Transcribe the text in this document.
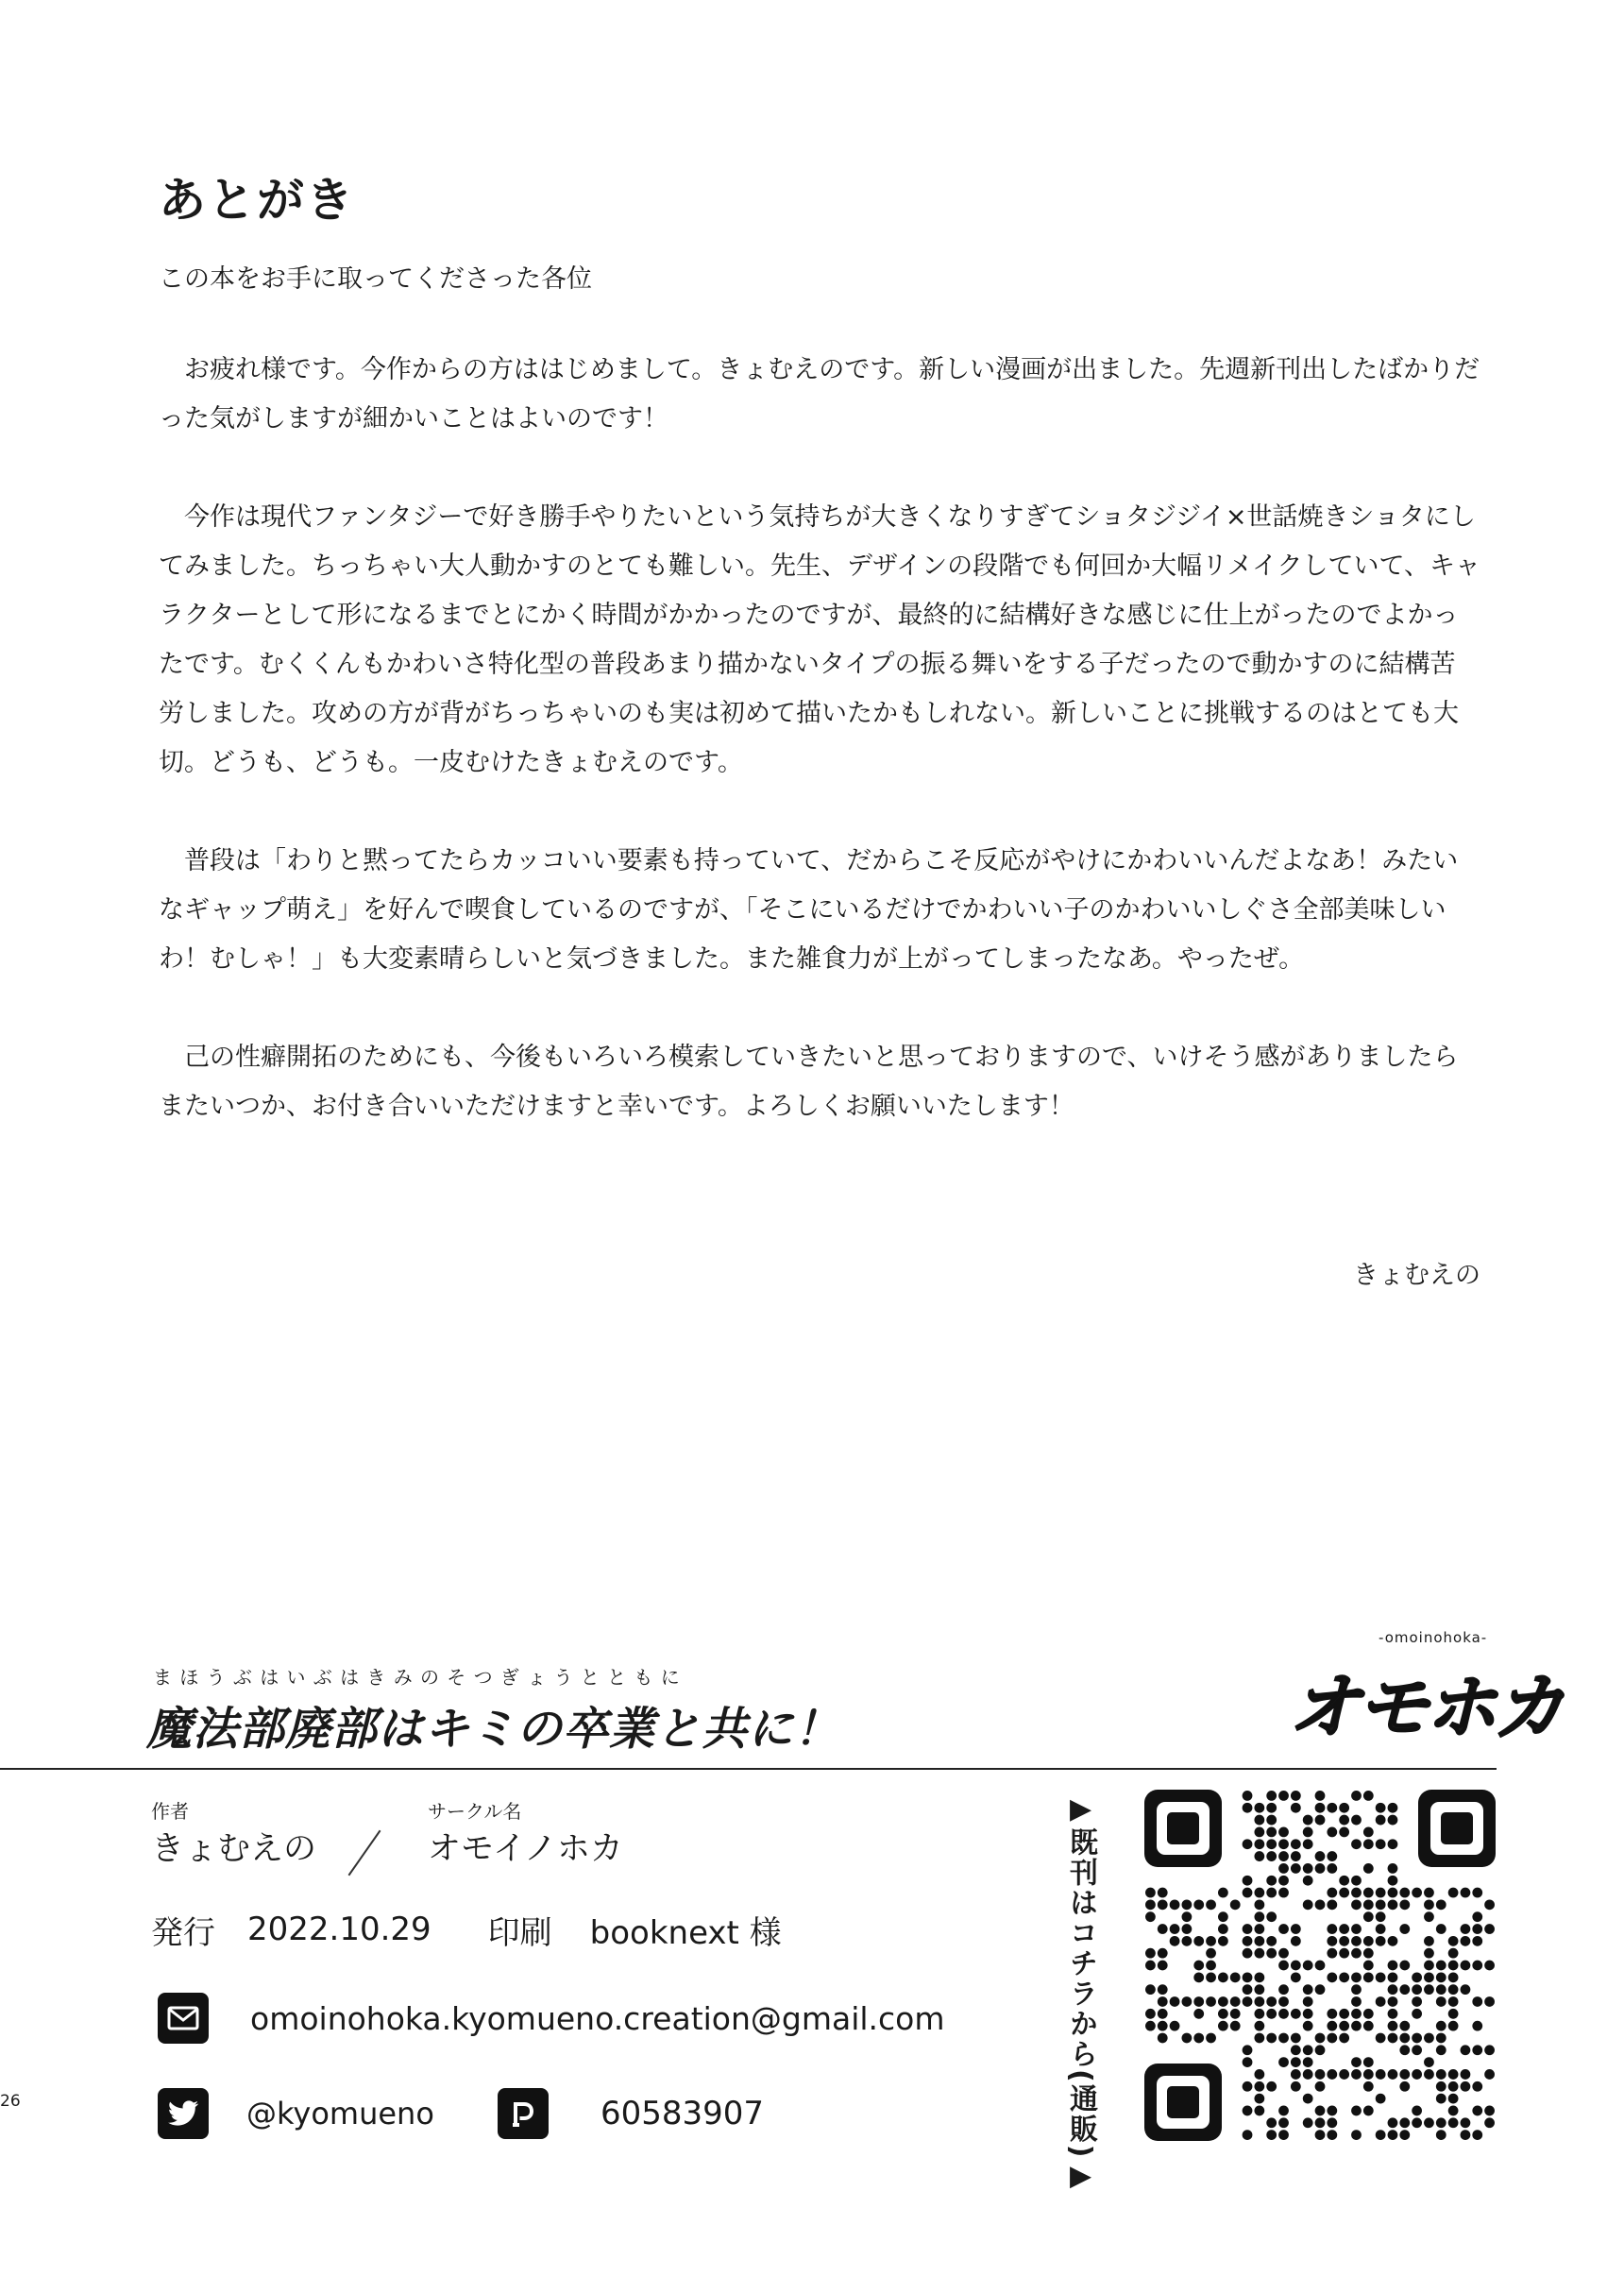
あとがき

この本をお手に取ってくださった各位

お疲れ様です。今作からの方ははじめまして。きょむえのです。新しい漫画が出ました。先週新刊出したばかりだった気がしますが細かいことはよいのです！

今作は現代ファンタジーで好き勝手やりたいという気持ちが大きくなりすぎてショタジジイ×世話焼きショタにしてみました。ちっちゃい大人動かすのとても難しい。先生、デザインの段階でも何回か大幅リメイクしていて、キャラクターとして形になるまでとにかく時間がかかったのですが、最終的に結構好きな感じに仕上がったのでよかったです。むくくんもかわいさ特化型の普段あまり描かないタイプの振る舞いをする子だったので動かすのに結構苦労しました。攻めの方が背がちっちゃいのも実は初めて描いたかもしれない。新しいことに挑戦するのはとても大切。どうも、どうも。一皮むけたきょむえのです。

普段は「わりと黙ってたらカッコいい要素も持っていて、だからこそ反応がやけにかわいいんだよなあ！みたいなギャップ萌え」を好んで喫食しているのですが、「そこにいるだけでかわいい子のかわいいしぐさ全部美味しいわ！むしゃ！」も大変素晴らしいと気づきました。また雑食力が上がってしまったなあ。やったぜ。

己の性癖開拓のためにも、今後もいろいろ模索していきたいと思っておりますので、いけそう感がありましたらまたいつか、お付き合いいただけますと幸いです。よろしくお願いいたします！

きょむえの

まほうぶはいぶはきみのそつぎょうとともに
魔法部廃部はキミの卒業と共に！
-omoinohoka-
オモホカ
作者
きょむえの
サークル名
オモイノホカ
発行 2022.10.29 印刷 booknext 様
omoinohoka.kyomueno.creation@gmail.com
@kyomueno	60583907	▶既刊はコチラから(通販)▶
26
